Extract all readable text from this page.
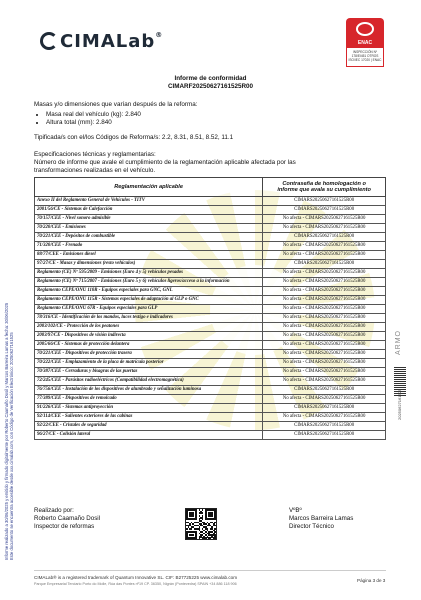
CIMALab®
ENAC
INSPECCIÓN Nº 178/EI451 OTROS ISO/IEC 17020 | ENAC
Informe de conformidad
CIMARF20250627161525R00
Masas y/o dimensiones que varían después de la reforma:
• Masa real del vehículo (kg): 2.840
• Altura total (mm): 2.840
Tipificada/s con el/los Códigos de Reforma/s: 2.2, 8.31, 8.51, 8.52, 11.1
Especificaciones técnicas y reglamentarias:
Número de informe que avale el cumplimiento de la reglamentación aplicable afectada por las
transformaciones realizadas en el vehículo.
Reglamentación aplicable	Contraseña de homologación o
informe que avala su cumplimiento

Anexo II del Reglamento General de Vehículos - TITV	CIMARS20250627161525R00
2001/56/CE - Sistemas de Calefacción	CIMARS20250627161525R00
70/157/CEE - Nivel sonoro admisible	No afecta - CIMARS20250627161525R00
70/220/CEE - Emisiones	No afecta - CIMARS20250627161525R00
70/221/CEE - Depósitos de combustible	CIMARS20250627161525R00
71/320/CEE - Frenado	No afecta - CIMARS20250627161525R00
88/77/CEE - Emisiones diesel	No afecta - CIMARS20250627161525R00
97/27/CE - Masas y dimensiones (resto vehículos)	CIMARS20250627161525R00
Reglamento (CE) Nº 595/2009 - Emisiones (Euro 4 y 5) vehículos pesados	No afecta - CIMARS20250627161525R00
Reglamento (CE) Nº 715/2007 - Emisiones (Euro 5 y 6) vehículos ligeros/acceso a la información	No afecta - CIMARS20250627161525R00
Reglamento CEPE/ONU 110R - Equipos especiales para GNC, GNL	No afecta - CIMARS20250627161525R00
Reglamento CEPE/ONU 115R - Sistemas especiales de adaptación al GLP o GNC	No afecta - CIMARS20250627161525R00
Reglamento CEPE/ONU 67R - Equipos especiales para GLP	No afecta - CIMARS20250627161525R00
78/316/CE - Identificación de los mandos, luces testigo e indicadores	No afecta - CIMARS20250627161525R00
2003/102/CE - Protección de los peatones	No afecta - CIMARS20250627161525R00
2003/97/CE - Dispositivos de visión indirecta	No afecta - CIMARS20250627161525R00
2005/66/CE - Sistemas de protección delantera	No afecta - CIMARS20250627161525R00
70/221/CEE - Dispositivos de protección trasera	No afecta - CIMARS20250627161525R00
70/222/CEE - Emplazamiento de la placa de matrícula posterior	No afecta - CIMARS20250627161525R00
70/387/CEE - Cerraduras y bisagras de las puertas	No afecta - CIMARS20250627161525R00
72/245/CEE - Parásitos radioeléctricos (Compatibilidad electromagnética)	No afecta - CIMARS20250627161525R00
76/756/CEE - Instalación de los dispositivos de alumbrado y señalización luminosa	CIMARS20250627161525R00
77/389/CEE - Dispositivos de remolcado	No afecta - CIMARS20250627161525R00
91/226/CEE - Sistemas antiproyección	CIMARS20250627161525R00
92/114/CEE - Salientes exteriores de las cabinas	No afecta - CIMARS20250627161525R00
92/22/CEE - Cristales de seguridad	CIMARS20250627161525R00
96/27/CE - Colisión lateral	CIMARS20250627161525R00
Realizado por:
Roberto Caamaño Dosil
Inspector de reformas
VºBº
Marcos Barreira Lamas
Director Técnico
Informe realizado a 30/06/2025 y emitido y firmado digitalmente por Roberto Caamaño Dosil y Marcos Barreira Lamas a fecha: 30/06/2025 Este documento se encuentra accesible desde xxx.cimalab.com, con Código de Verificación Electrónico: 20250627161525	ARMO
20250627161525
CIMALab® is a registered trademark of Quantum Innovative SL. CIF: B27725225 www.cimalab.com
Parque Empresarial Terciario Porto do Molle, Rúa das Pontes nº19 CP. 36350, Nigrán (Pontevedra) SPAIN +34 886 118 906
Página 3 de 3
